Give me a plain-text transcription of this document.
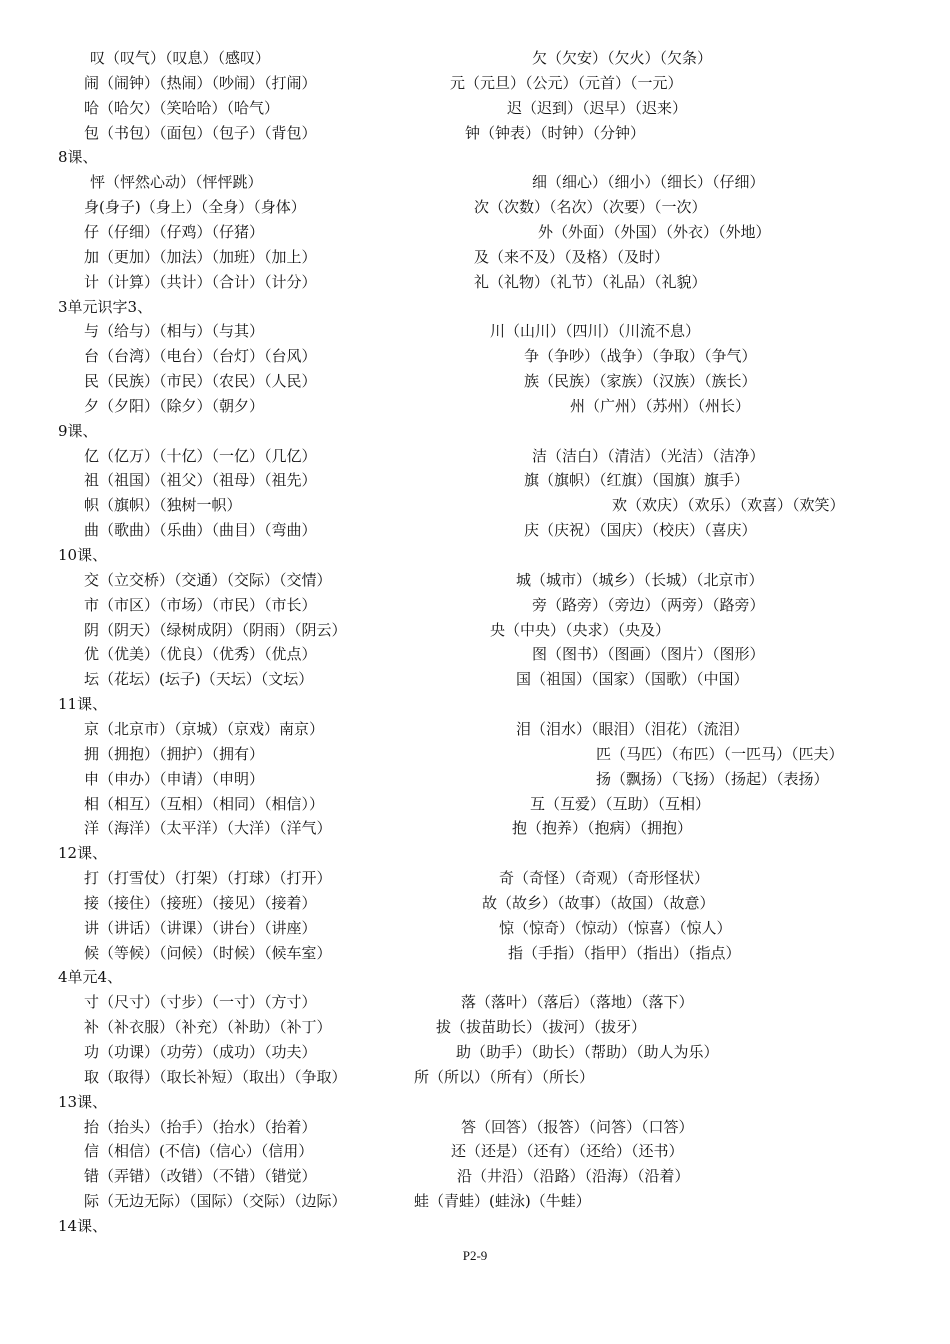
叹（叹气）（叹息）（感叹）	欠（欠安）（欠火）（欠条）
闹（闹钟）（热闹）（吵闹）（打闹）	元（元旦）（公元）（元首）（一元）
哈（哈欠）（笑哈哈）（哈气）	迟（迟到）（迟早）（迟来）
包（书包）（面包）（包子）（背包）	钟（钟表）（时钟）（分钟）
8课、
怦（怦然心动）（怦怦跳）	细（细心）（细小）（细长）（仔细）
身(身子)（身上）（全身）（身体）	次（次数）（名次）（次要）（一次）
仔（仔细）（仔鸡）（仔猪）	外（外面）（外国）（外衣）（外地）
加（更加）（加法）（加班）（加上）	及（来不及）（及格）（及时）
计（计算）（共计）（合计）（计分）	礼（礼物）（礼节）（礼品）（礼貌）
3单元识字3、
与（给与）（相与）（与其）	川（山川）（四川）（川流不息）
台（台湾）（电台）（台灯）（台风）	争（争吵）（战争）（争取）（争气）
民（民族）（市民）（农民）（人民）	族（民族）（家族）（汉族）（族长）
夕（夕阳）（除夕）（朝夕）	州（广州）（苏州）（州长）
9课、
亿（亿万）（十亿）（一亿）（几亿）	洁（洁白）（清洁）（光洁）（洁净）
祖（祖国）（祖父）（祖母）（祖先）	旗（旗帜）（红旗）（国旗）旗手）
帜（旗帜）（独树一帜）	欢（欢庆）（欢乐）（欢喜）（欢笑）
曲（歌曲）（乐曲）（曲目）（弯曲）	庆（庆祝）（国庆）（校庆）（喜庆）
10课、
交（立交桥）（交通）（交际）（交情）	城（城市）（城乡）（长城）（北京市）
市（市区）（市场）（市民）（市长）	旁（路旁）（旁边）（两旁）（路旁）
阴（阴天）（绿树成阴）（阴雨）（阴云）	央（中央）（央求）（央及）
优（优美）（优良）（优秀）（优点）	图（图书）（图画）（图片）（图形）
坛（花坛）(坛子)（天坛）（文坛）	国（祖国）（国家）（国歌）（中国）
11课、
京（北京市）（京城）（京戏）南京）	泪（泪水）（眼泪）（泪花）（流泪）
拥（拥抱）（拥护）（拥有）	匹（马匹）（布匹）（一匹马）（匹夫）
申（申办）（申请）（申明）	扬（飘扬）（飞扬）（扬起）（表扬）
相（相互）（互相）（相同）（相信））	互（互爱）（互助）（互相）
洋（海洋）（太平洋）（大洋）（洋气）	抱（抱养）（抱病）（拥抱）
12课、
打（打雪仗）（打架）（打球）（打开）	奇（奇怪）（奇观）（奇形怪状）
接（接住）（接班）（接见）（接着）	故（故乡）（故事）（故国）（故意）
讲（讲话）（讲课）（讲台）（讲座）	惊（惊奇）（惊动）（惊喜）（惊人）
候（等候）（问候）（时候）（候车室）	指（手指）（指甲）（指出）（指点）
4单元4、
寸（尺寸）（寸步）（一寸）（方寸）	落（落叶）（落后）（落地）（落下）
补（补衣服）（补充）（补助）（补丁）	拔（拔苗助长）（拔河）（拔牙）
功（功课）（功劳）（成功）（功夫）	助（助手）（助长）（帮助）（助人为乐）
取（取得）（取长补短）（取出）（争取）	所（所以）（所有）（所长）
13课、
抬（抬头）（抬手）（抬水）（抬着）	答（回答）（报答）（问答）（口答）
信（相信）(不信)（信心）（信用）	还（还是）（还有）（还给）（还书）
错（弄错）（改错）（不错）（错觉）	沿（井沿）（沿路）（沿海）（沿着）
际（无边无际）（国际）（交际）（边际）	蛙（青蛙）(蛙泳)（牛蛙）
14课、
P2-9
